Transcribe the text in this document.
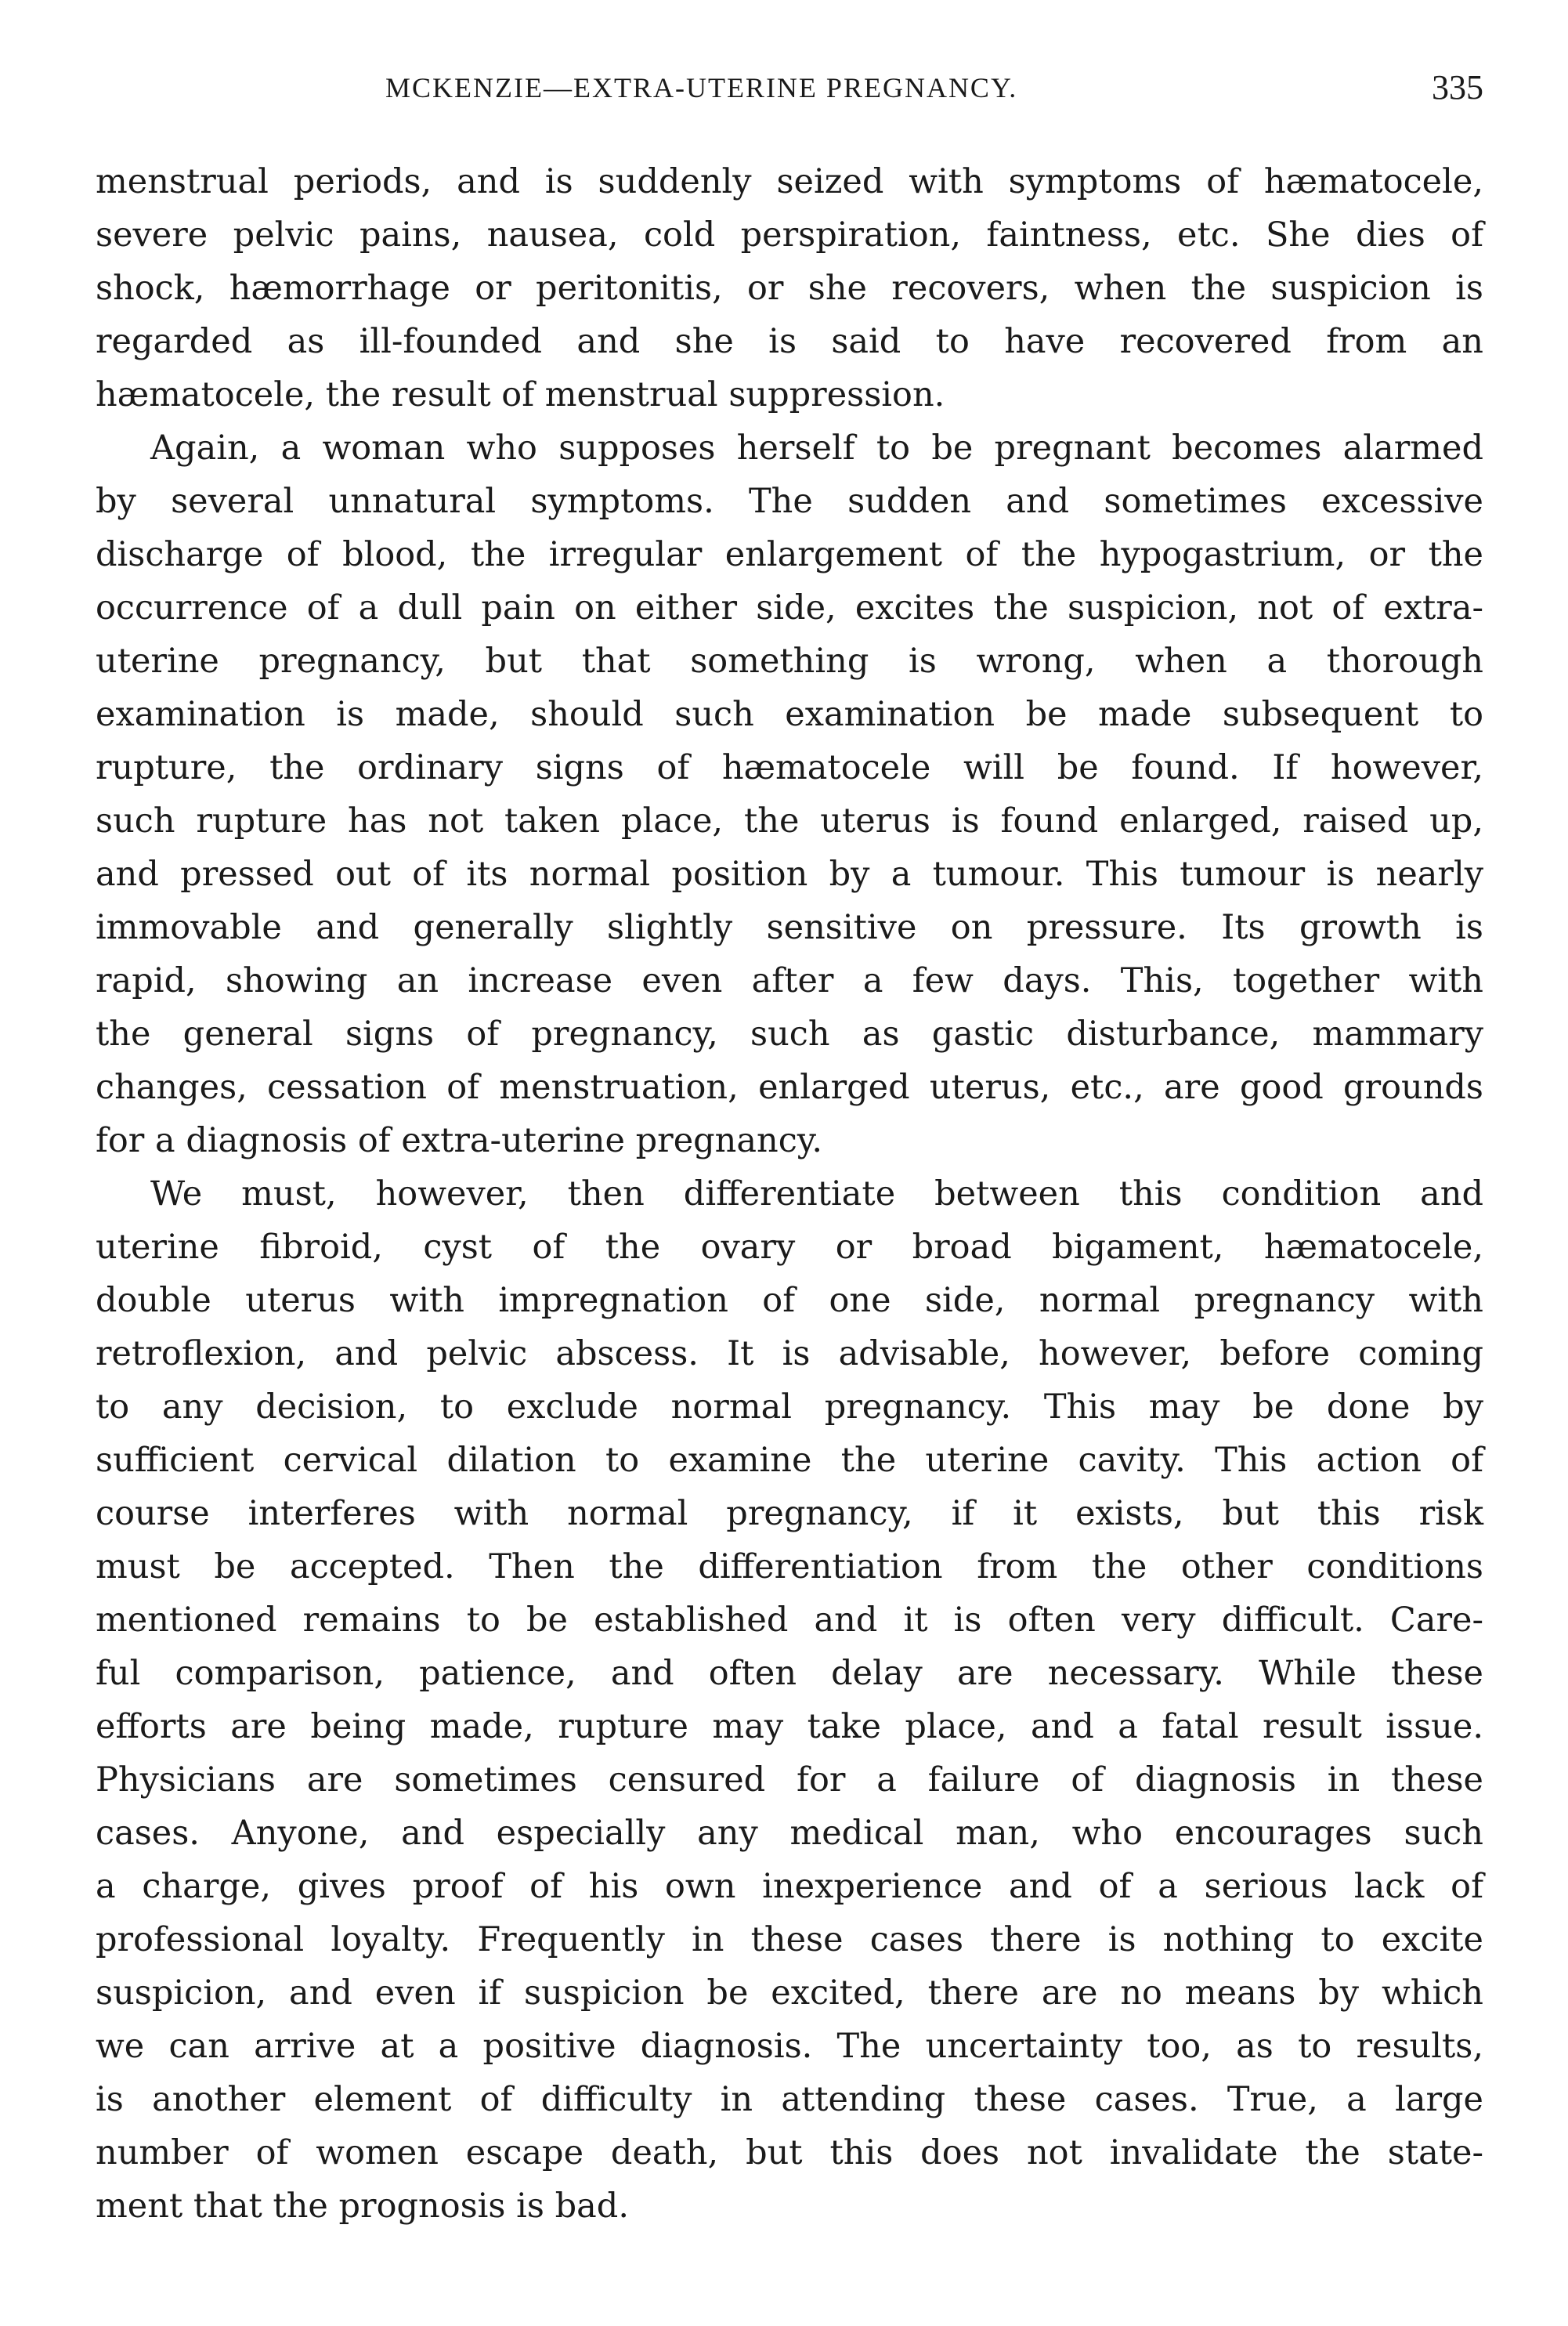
MCKENZIE—EXTRA-UTERINE PREGNANCY.	335
menstrual periods, and is suddenly seized with symptoms of hæmatocele,
severe pelvic pains, nausea, cold perspiration, faintness, etc. She dies of
shock, hæmorrhage or peritonitis, or she recovers, when the suspicion is
regarded as ill-founded and she is said to have recovered from an
hæmatocele, the result of menstrual suppression.
Again, a woman who supposes herself to be pregnant becomes alarmed
by several unnatural symptoms. The sudden and sometimes excessive
discharge of blood, the irregular enlargement of the hypogastrium, or the
occurrence of a dull pain on either side, excites the suspicion, not of extra-
uterine pregnancy, but that something is wrong, when a thorough
examination is made, should such examination be made subsequent to
rupture, the ordinary signs of hæmatocele will be found. If however,
such rupture has not taken place, the uterus is found enlarged, raised up,
and pressed out of its normal position by a tumour. This tumour is nearly
immovable and generally slightly sensitive on pressure. Its growth is
rapid, showing an increase even after a few days. This, together with
the general signs of pregnancy, such as gastic disturbance, mammary
changes, cessation of menstruation, enlarged uterus, etc., are good grounds
for a diagnosis of extra-uterine pregnancy.
We must, however, then differentiate between this condition and
uterine fibroid, cyst of the ovary or broad bigament, hæmatocele,
double uterus with impregnation of one side, normal pregnancy with
retroflexion, and pelvic abscess. It is advisable, however, before coming
to any decision, to exclude normal pregnancy. This may be done by
sufficient cervical dilation to examine the uterine cavity. This action of
course interferes with normal pregnancy, if it exists, but this risk
must be accepted. Then the differentiation from the other conditions
mentioned remains to be established and it is often very difficult. Care-
ful comparison, patience, and often delay are necessary. While these
efforts are being made, rupture may take place, and a fatal result issue.
Physicians are sometimes censured for a failure of diagnosis in these
cases. Anyone, and especially any medical man, who encourages such
a charge, gives proof of his own inexperience and of a serious lack of
professional loyalty. Frequently in these cases there is nothing to excite
suspicion, and even if suspicion be excited, there are no means by which
we can arrive at a positive diagnosis. The uncertainty too, as to results,
is another element of difficulty in attending these cases. True, a large
number of women escape death, but this does not invalidate the state-
ment that the prognosis is bad.
